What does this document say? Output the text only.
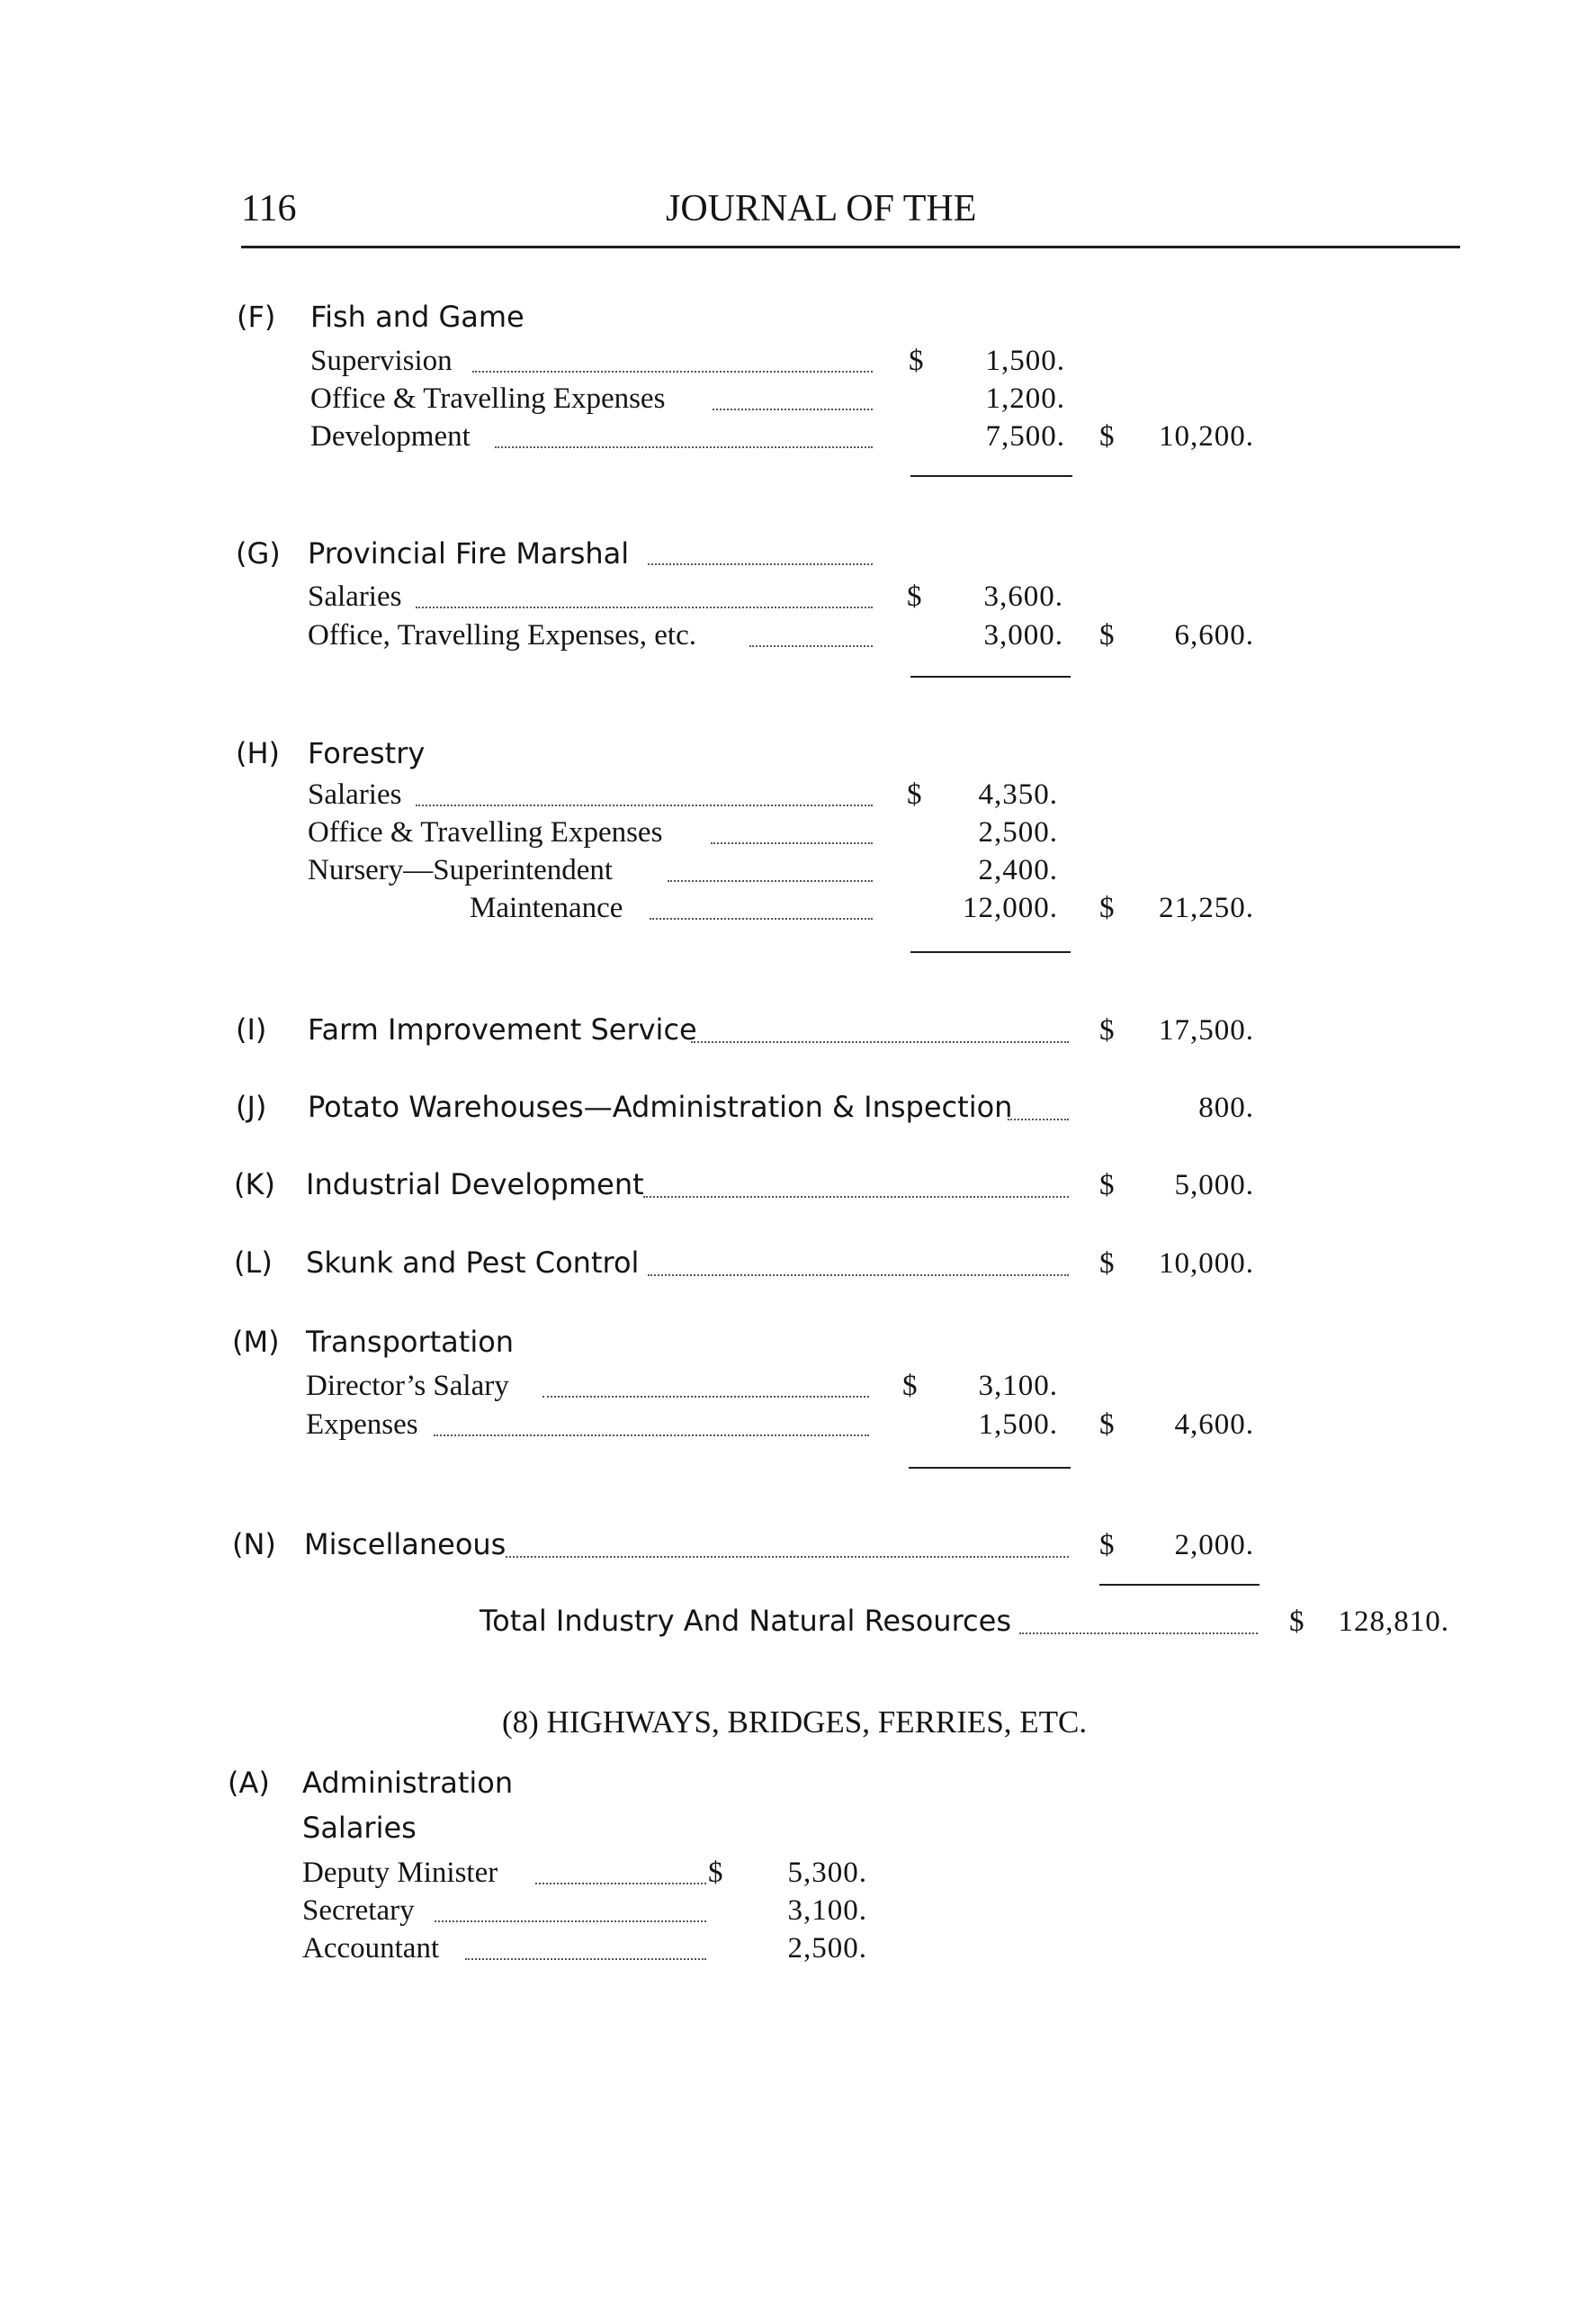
116	JOURNAL OF THE
(F) Fish and Game
Supervision	$ 1,500.
Office & Travelling Expenses	1,200.
Development	7,500. $ 10,200.
(G) Provincial Fire Marshal
Salaries	$ 3,600.
Office, Travelling Expenses, etc.	3,000. $ 6,600.
(H) Forestry
Salaries	$ 4,350.
Office & Travelling Expenses	2,500.
Nursery—Superintendent	2,400.
Maintenance	12,000. $ 21,250.
(I) Farm Improvement Service	$ 17,500.
(J) Potato Warehouses—Administration & Inspection	800.
(K) Industrial Development	$ 5,000.
(L) Skunk and Pest Control	$ 10,000.
(M) Transportation
Director’s Salary	$ 3,100.
Expenses	1,500. $ 4,600.
(N) Miscellaneous	$ 2,000.
Total Industry And Natural Resources	$ 128,810.
(8) HIGHWAYS, BRIDGES, FERRIES, ETC.
(A) Administration
Salaries
Deputy Minister	$ 5,300.
Secretary	3,100.
Accountant	2,500.
